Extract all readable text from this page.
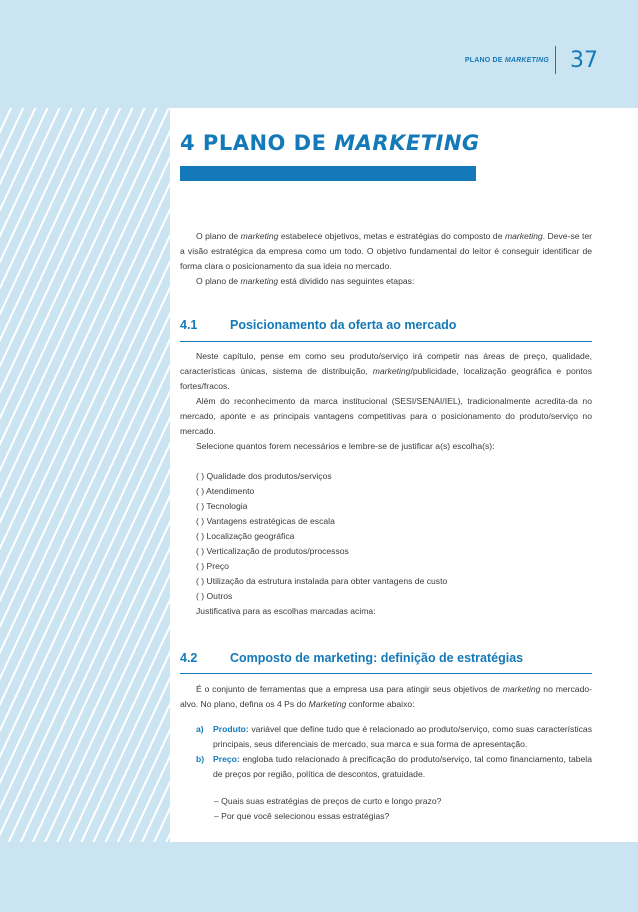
PLANO DE MARKETING 37
4 PLANO DE MARKETING

O plano de marketing estabelece objetivos, metas e estratégias do composto de marketing. Deve-se ter a visão estratégica da empresa como um todo. O objetivo fundamental do leitor é conseguir identificar de forma clara o posicionamento da sua ideia no mercado.

O plano de marketing está dividido nas seguintes etapas:

4.1	Posicionamento da oferta ao mercado

Neste capítulo, pense em como seu produto/serviço irá competir nas áreas de preço, qualidade, características únicas, sistema de distribuição, marketing/publicidade, localização geográfica e pontos fortes/fracos.

Além do reconhecimento da marca institucional (SESI/SENAI/IEL), tradicionalmente acredita-da no mercado, aponte e as principais vantagens competitivas para o posicionamento do produto/serviço no mercado.

Selecione quantos forem necessários e lembre-se de justificar a(s) escolha(s):

( ) Qualidade dos produtos/serviços
( ) Atendimento
( ) Tecnologia
( ) Vantagens estratégicas de escala
( ) Localização geográfica
( ) Verticalização de produtos/processos
( ) Preço
( ) Utilização da estrutura instalada para obter vantagens de custo
( ) Outros

Justificativa para as escolhas marcadas acima:

4.2	Composto de marketing: definição de estratégias

É o conjunto de ferramentas que a empresa usa para atingir seus objetivos de marketing no mercado-alvo. No plano, defina os 4 Ps do Marketing conforme abaixo:

a)	Produto: variável que define tudo que é relacionado ao produto/serviço, como suas características principais, seus diferenciais de mercado, sua marca e sua forma de apresentação.
b)	Preço: engloba tudo relacionado à precificação do produto/serviço, tal como financiamento, tabela de preços por região, política de descontos, gratuidade.
– Quais suas estratégias de preços de curto e longo prazo?
– Por que você selecionou essas estratégias?
